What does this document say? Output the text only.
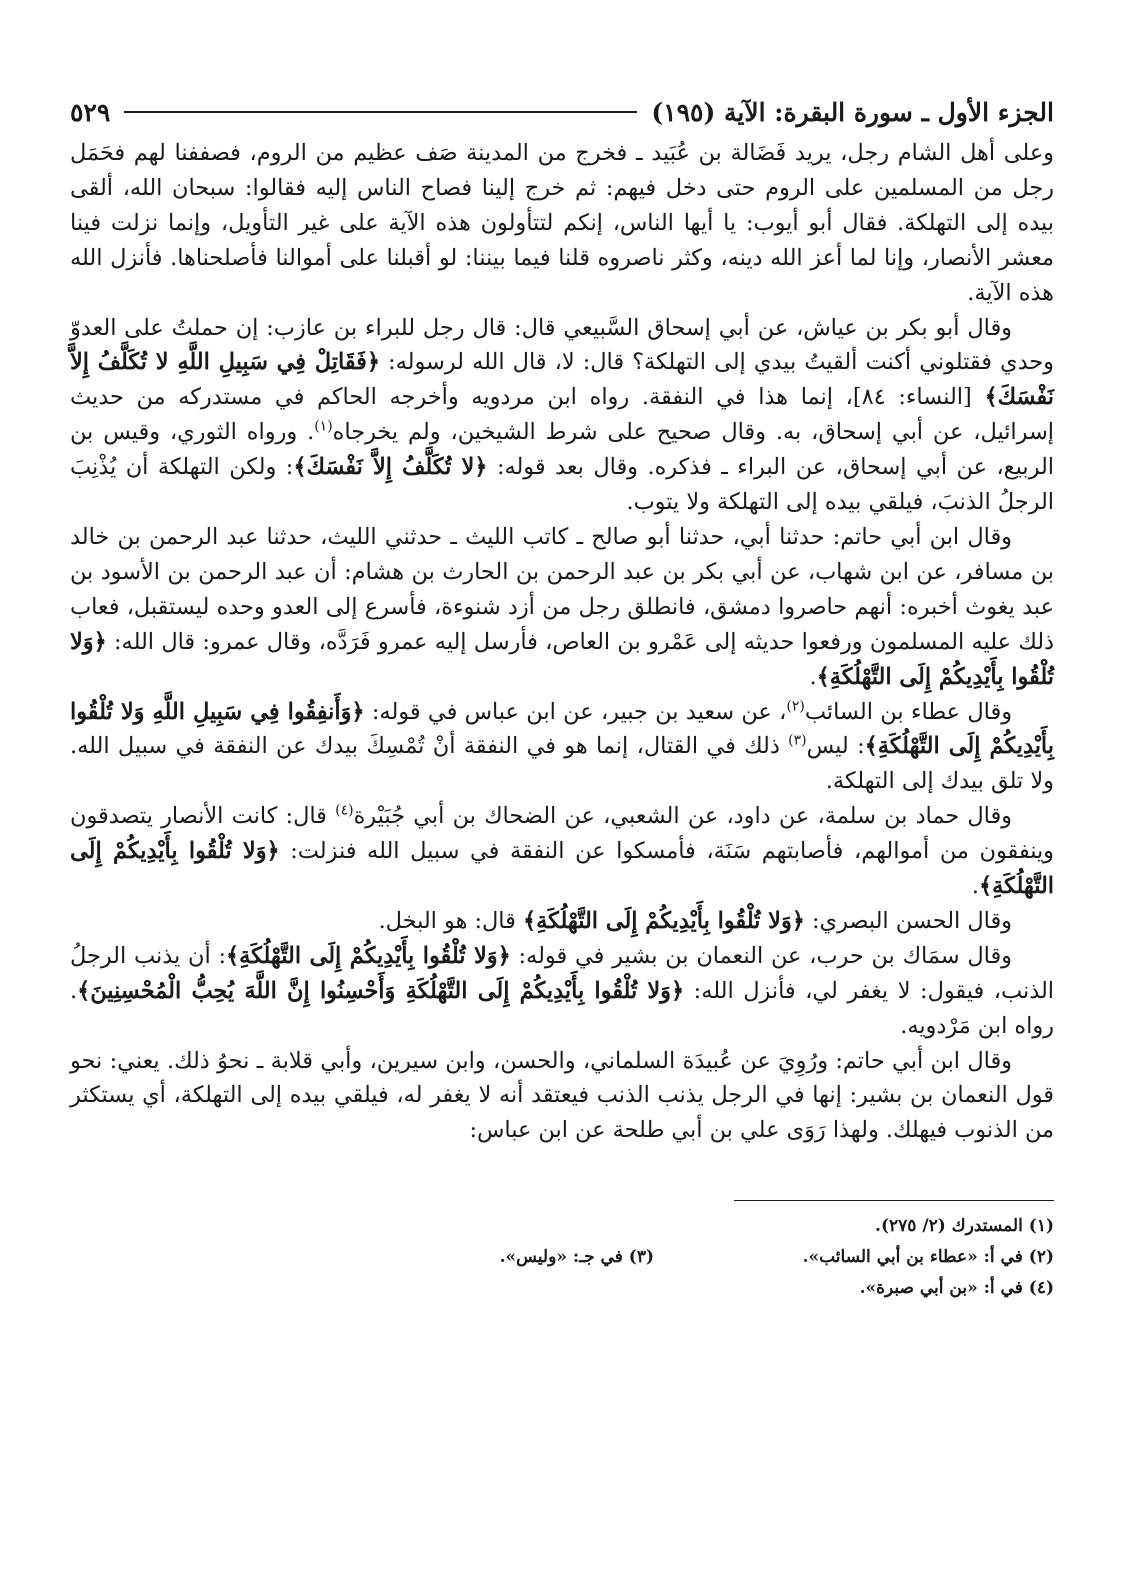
الجزء الأول ـ سورة البقرة: الآية (١٩٥)
٥٢٩

وعلى أهل الشام رجل، يريد فَضَالة بن عُبَيد ـ فخرج من المدينة صَف عظيم من الروم، فصففنا لهم فحَمَل رجل من المسلمين على الروم حتى دخل فيهم: ثم خرج إلينا فصاح الناس إليه فقالوا: سبحان الله، ألقى بيده إلى التهلكة. فقال أبو أيوب: يا أيها الناس، إنكم لتتأولون هذه الآية على غير التأويل، وإنما نزلت فينا معشر الأنصار، وإنا لما أعز الله دينه، وكثر ناصروه قلنا فيما بيننا: لو أقبلنا على أموالنا فأصلحناها. فأنزل الله هذه الآية.

وقال أبو بكر بن عياش، عن أبي إسحاق السَّبيعي قال: قال رجل للبراء بن عازب: إن حملتُ على العدوّ وحدي فقتلوني أكنت ألقيتُ بيدي إلى التهلكة؟ قال: لا، قال الله لرسوله: ﴿فَقَاتِلْ فِي سَبِيلِ اللَّهِ لا تُكَلَّفُ إِلاَّ نَفْسَكَ﴾ [النساء: ٨٤]، إنما هذا في النفقة. رواه ابن مردويه وأخرجه الحاكم في مستدركه من حديث إسرائيل، عن أبي إسحاق، به. وقال صحيح على شرط الشيخين، ولم يخرجاه$^{(١)}$. ورواه الثوري، وقيس بن الربيع، عن أبي إسحاق، عن البراء ـ فذكره. وقال بعد قوله: ﴿لا تُكَلَّفُ إِلاَّ نَفْسَكَ﴾: ولكن التهلكة أن يُذْنِبَ الرجلُ الذنبَ، فيلقي بيده إلى التهلكة ولا يتوب.

وقال ابن أبي حاتم: حدثنا أبي، حدثنا أبو صالح ـ كاتب الليث ـ حدثني الليث، حدثنا عبد الرحمن بن خالد بن مسافر، عن ابن شهاب، عن أبي بكر بن عبد الرحمن بن الحارث بن هشام: أن عبد الرحمن بن الأسود بن عبد يغوث أخبره: أنهم حاصروا دمشق، فانطلق رجل من أزد شنوءة، فأسرع إلى العدو وحده ليستقبل، فعاب ذلك عليه المسلمون ورفعوا حديثه إلى عَمْرو بن العاص، فأرسل إليه عمرو فَرَدَّه، وقال عمرو: قال الله: ﴿وَلا تُلْقُوا بِأَيْدِيكُمْ إِلَى التَّهْلُكَةِ﴾.

وقال عطاء بن السائب$^{(٢)}$، عن سعيد بن جبير، عن ابن عباس في قوله: ﴿وَأَنفِقُوا فِي سَبِيلِ اللَّهِ وَلا تُلْقُوا بِأَيْدِيكُمْ إِلَى التَّهْلُكَةِ﴾: ليس$^{(٣)}$ ذلك في القتال، إنما هو في النفقة أنْ تُمْسِكَ بيدك عن النفقة في سبيل الله. ولا تلق بيدك إلى التهلكة.

وقال حماد بن سلمة، عن داود، عن الشعبي، عن الضحاك بن أبي جُبَيْرة$^{(٤)}$ قال: كانت الأنصار يتصدقون وينفقون من أموالهم، فأصابتهم سَنَة، فأمسكوا عن النفقة في سبيل الله فنزلت: ﴿وَلا تُلْقُوا بِأَيْدِيكُمْ إِلَى التَّهْلُكَةِ﴾.

وقال الحسن البصري: ﴿وَلا تُلْقُوا بِأَيْدِيكُمْ إِلَى التَّهْلُكَةِ﴾ قال: هو البخل.

وقال سمَاك بن حرب، عن النعمان بن بشير في قوله: ﴿وَلا تُلْقُوا بِأَيْدِيكُمْ إِلَى التَّهْلُكَةِ﴾: أن يذنب الرجلُ الذنب، فيقول: لا يغفر لي، فأنزل الله: ﴿وَلا تُلْقُوا بِأَيْدِيكُمْ إِلَى التَّهْلُكَةِ وَأَحْسِنُوا إِنَّ اللَّهَ يُحِبُّ الْمُحْسِنِينَ﴾. رواه ابن مَرْدويه.

وقال ابن أبي حاتم: ورُوِيَ عن عُبيدَة السلماني، والحسن، وابن سيرين، وأبي قلابة ـ نحوُ ذلك. يعني: نحو قول النعمان بن بشير: إنها في الرجل يذنب الذنب فيعتقد أنه لا يغفر له، فيلقي بيده إلى التهلكة، أي يستكثر من الذنوب فيهلك. ولهذا رَوَى علي بن أبي طلحة عن ابن عباس:

(١) المستدرك (٢/ ٢٧٥).
(٢) في أ: «عطاء بن أبي السائب».
(٣) في جـ: «وليس».
(٤) في أ: «بن أبي صبرة».
